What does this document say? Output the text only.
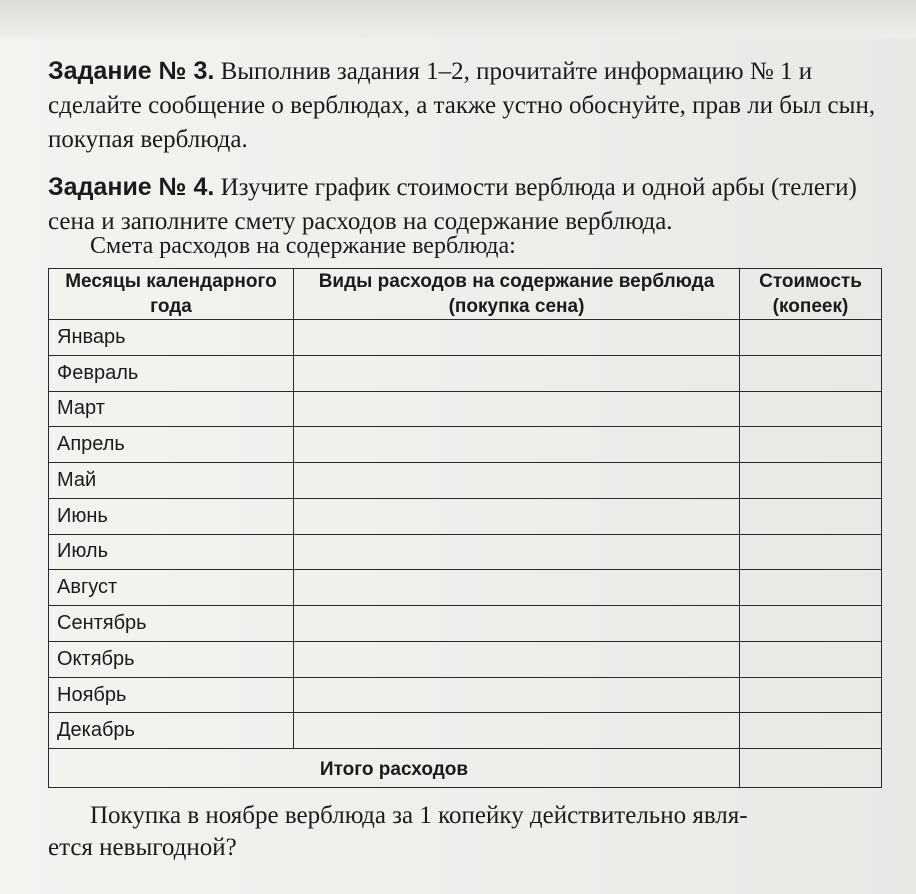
Задание № 3. Выполнив задания 1–2, прочитайте информацию № 1 и сделайте сообщение о верблюдах, а также устно обоснуйте, прав ли был сын, покупая верблюда.
Задание № 4. Изучите график стоимости верблюда и одной арбы (телеги) сена и заполните смету расходов на содержание верблюда.
Смета расходов на содержание верблюда:
Месяцы календарного года	Виды расходов на содержание верблюда (покупка сена)	Стоимость (копеек)
Январь		
Февраль		
Март		
Апрель		
Май		
Июнь		
Июль		
Август		
Сентябрь		
Октябрь		
Ноябрь		
Декабрь		
Итого расходов		
Покупка в ноябре верблюда за 1 копейку действительно явля-
ется невыгодной?
